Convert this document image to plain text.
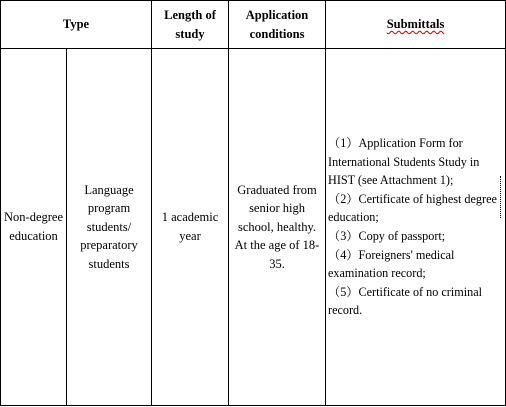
Type		Length of study	Application conditions	Submittals

Non-degree education	Language program students/ preparatory students	1 academic year	Graduated from senior high school, healthy. At the age of 18-35.	（1）Application Form for International Students Study in HIST (see Attachment 1);
（2）Certificate of highest degree education;
（3）Copy of passport;
（4）Foreigners' medical examination record;
（5）Certificate of no criminal record.
